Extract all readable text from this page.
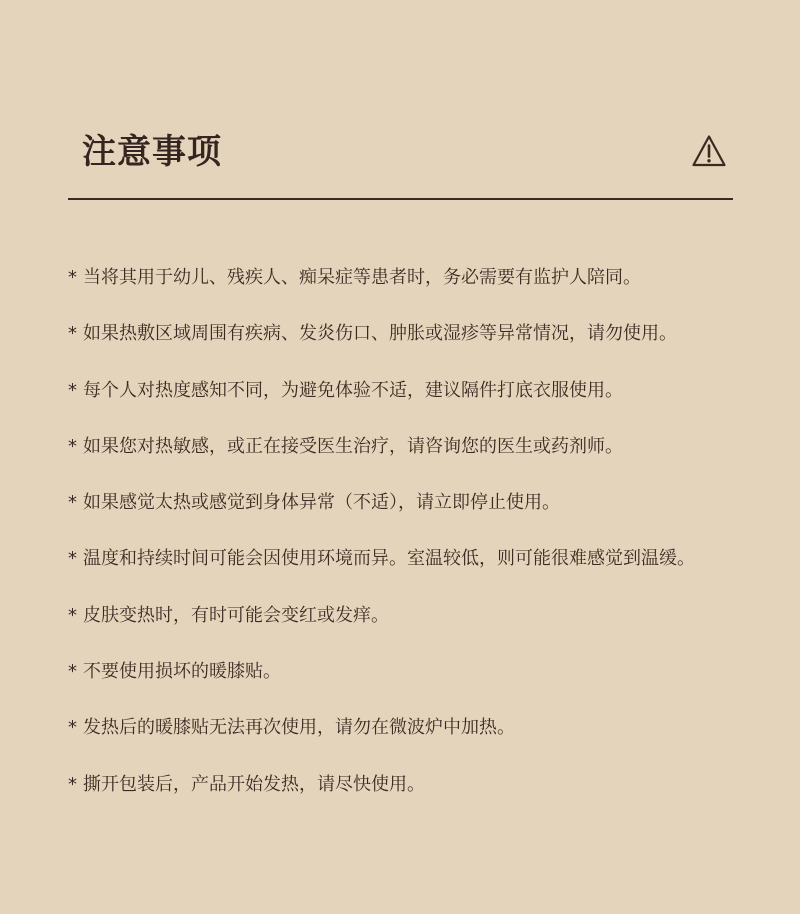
注意事项
* 当将其用于幼儿、残疾人、痴呆症等患者时，务必需要有监护人陪同。
* 如果热敷区域周围有疾病、发炎伤口、肿胀或湿疹等异常情况，请勿使用。
* 每个人对热度感知不同，为避免体验不适，建议隔件打底衣服使用。
* 如果您对热敏感，或正在接受医生治疗，请咨询您的医生或药剂师。
* 如果感觉太热或感觉到身体异常（不适），请立即停止使用。
* 温度和持续时间可能会因使用环境而异。室温较低，则可能很难感觉到温缓。
* 皮肤变热时，有时可能会变红或发痒。
* 不要使用损坏的暖膝贴。
* 发热后的暖膝贴无法再次使用，请勿在微波炉中加热。
* 撕开包装后，产品开始发热，请尽快使用。
